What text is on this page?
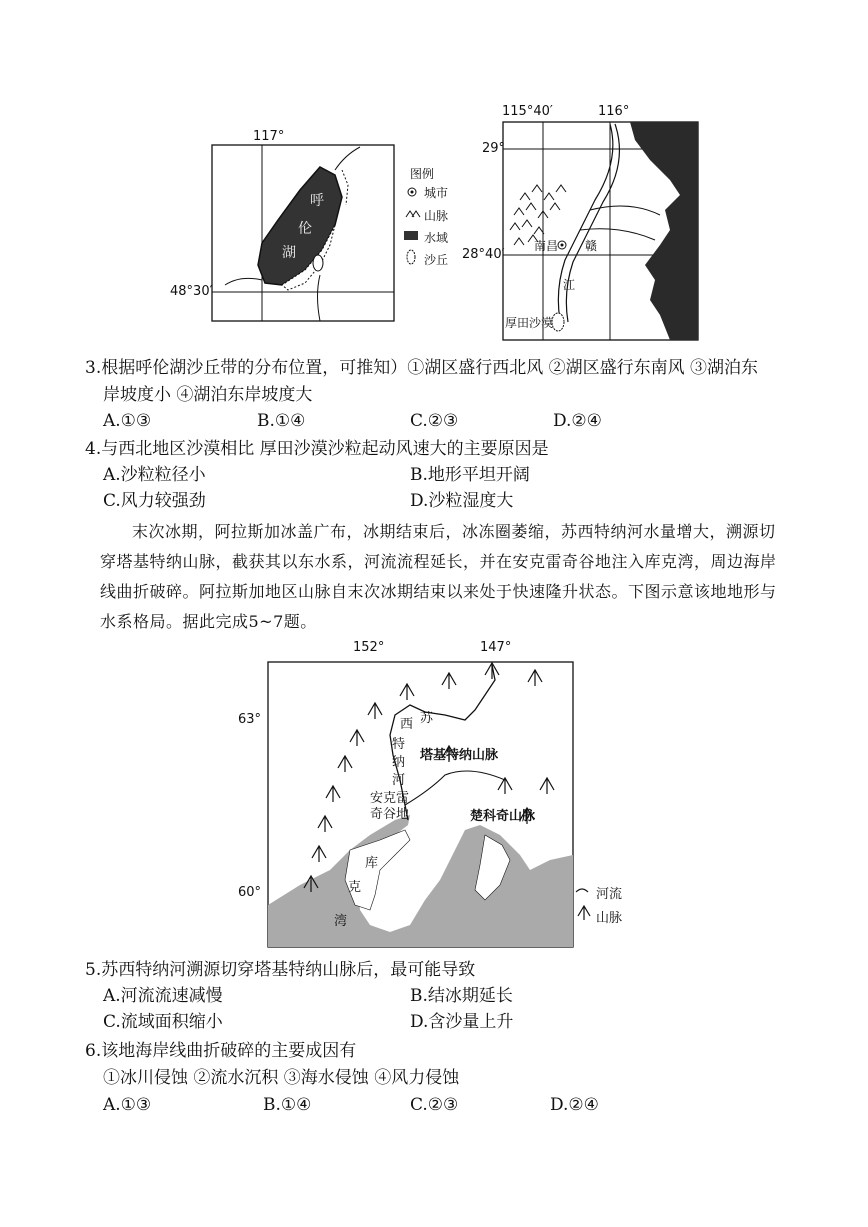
呼
伦
湖
117°
48°30′
图例
城市
山脉
水域
沙丘
115°40′	116°
29°
28°40′
南昌 赣
江
厚田沙漠
3.根据呼伦湖沙丘带的分布位置，可推知）①湖区盛行西北风 ②湖区盛行东南风 ③湖泊东
岸坡度小 ④湖泊东岸坡度大
A.①③	B.①④	C.②③	D.②④
4.与西北地区沙漠相比 厚田沙漠沙粒起动风速大的主要原因是
A.沙粒粒径小	B.地形平坦开阔
C.风力较强劲	D.沙粒湿度大
末次冰期，阿拉斯加冰盖广布，冰期结束后，冰冻圈萎缩，苏西特纳河水量增大，溯源切穿塔基特纳山脉，截获其以东水系，河流流程延长，并在安克雷奇谷地注入库克湾，周边海岸线曲折破碎。阿拉斯加地区山脉自末次冰期结束以来处于快速隆升状态。下图示意该地地形与水系格局。据此完成5~7题。
152°	147°
63°
60°
苏
西
特
纳
河
塔基特纳山脉
安克雷
奇谷地	楚科奇山脉
库
克
湾
河流
山脉
5.苏西特纳河溯源切穿塔基特纳山脉后，最可能导致
A.河流流速减慢	B.结冰期延长
C.流域面积缩小	D.含沙量上升
6.该地海岸线曲折破碎的主要成因有
①冰川侵蚀 ②流水沉积 ③海水侵蚀 ④风力侵蚀
A.①③	B.①④	C.②③	D.②④
